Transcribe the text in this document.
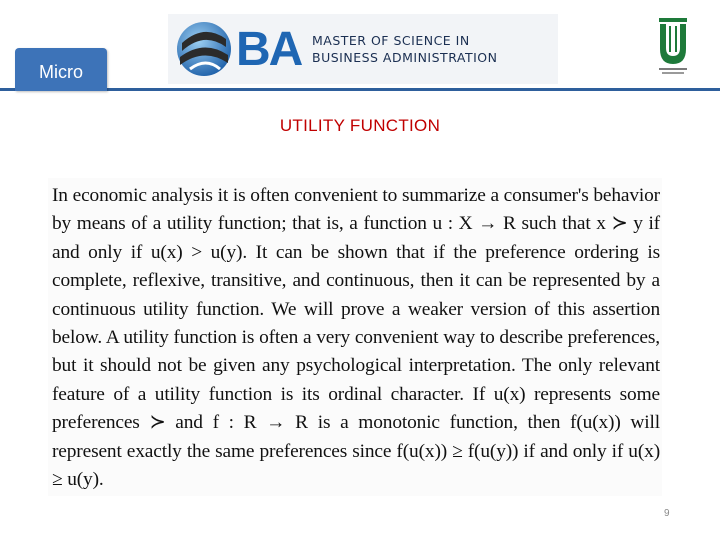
Micro	BA MASTER OF SCIENCE IN
BUSINESS ADMINISTRATION
UTILITY FUNCTION
In economic analysis it is often convenient to summarize a consumer's behavior by means of a utility function; that is, a function u : X → R such that x ≻ y if and only if u(x) > u(y). It can be shown that if the preference ordering is complete, reflexive, transitive, and continuous, then it can be represented by a continuous utility function. We will prove a weaker version of this assertion below. A utility function is often a very convenient way to describe preferences, but it should not be given any psychological interpretation. The only relevant feature of a utility function is its ordinal character. If u(x) represents some preferences ≻ and f : R → R is a monotonic function, then f(u(x)) will represent exactly the same preferences since f(u(x)) ≥ f(u(y)) if and only if u(x) ≥ u(y).
9
